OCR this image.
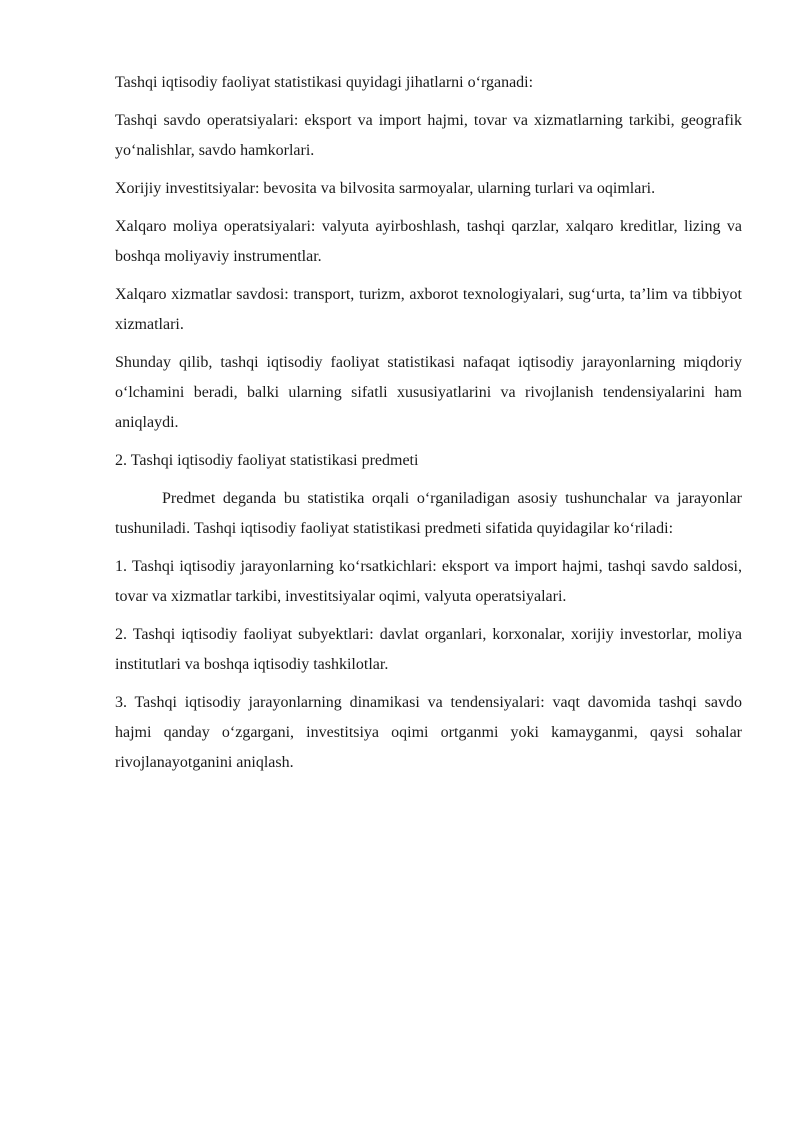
Tashqi iqtisodiy faoliyat statistikasi quyidagi jihatlarni o‘rganadi:

Tashqi savdo operatsiyalari: eksport va import hajmi, tovar va xizmatlarning tarkibi, geografik yo‘nalishlar, savdo hamkorlari.

Xorijiy investitsiyalar: bevosita va bilvosita sarmoyalar, ularning turlari va oqimlari.

Xalqaro moliya operatsiyalari: valyuta ayirboshlash, tashqi qarzlar, xalqaro kreditlar, lizing va boshqa moliyaviy instrumentlar.

Xalqaro xizmatlar savdosi: transport, turizm, axborot texnologiyalari, sug‘urta, ta’lim va tibbiyot xizmatlari.

Shunday qilib, tashqi iqtisodiy faoliyat statistikasi nafaqat iqtisodiy jarayonlarning miqdoriy o‘lchamini beradi, balki ularning sifatli xususiyatlarini va rivojlanish tendensiyalarini ham aniqlaydi.

2. Tashqi iqtisodiy faoliyat statistikasi predmeti

Predmet deganda bu statistika orqali o‘rganiladigan asosiy tushunchalar va jarayonlar tushuniladi. Tashqi iqtisodiy faoliyat statistikasi predmeti sifatida quyidagilar ko‘riladi:

1. Tashqi iqtisodiy jarayonlarning ko‘rsatkichlari: eksport va import hajmi, tashqi savdo saldosi, tovar va xizmatlar tarkibi, investitsiyalar oqimi, valyuta operatsiyalari.

2. Tashqi iqtisodiy faoliyat subyektlari: davlat organlari, korxonalar, xorijiy investorlar, moliya institutlari va boshqa iqtisodiy tashkilotlar.

3. Tashqi iqtisodiy jarayonlarning dinamikasi va tendensiyalari: vaqt davomida tashqi savdo hajmi qanday o‘zgargani, investitsiya oqimi ortganmi yoki kamayganmi, qaysi sohalar rivojlanayotganini aniqlash.
